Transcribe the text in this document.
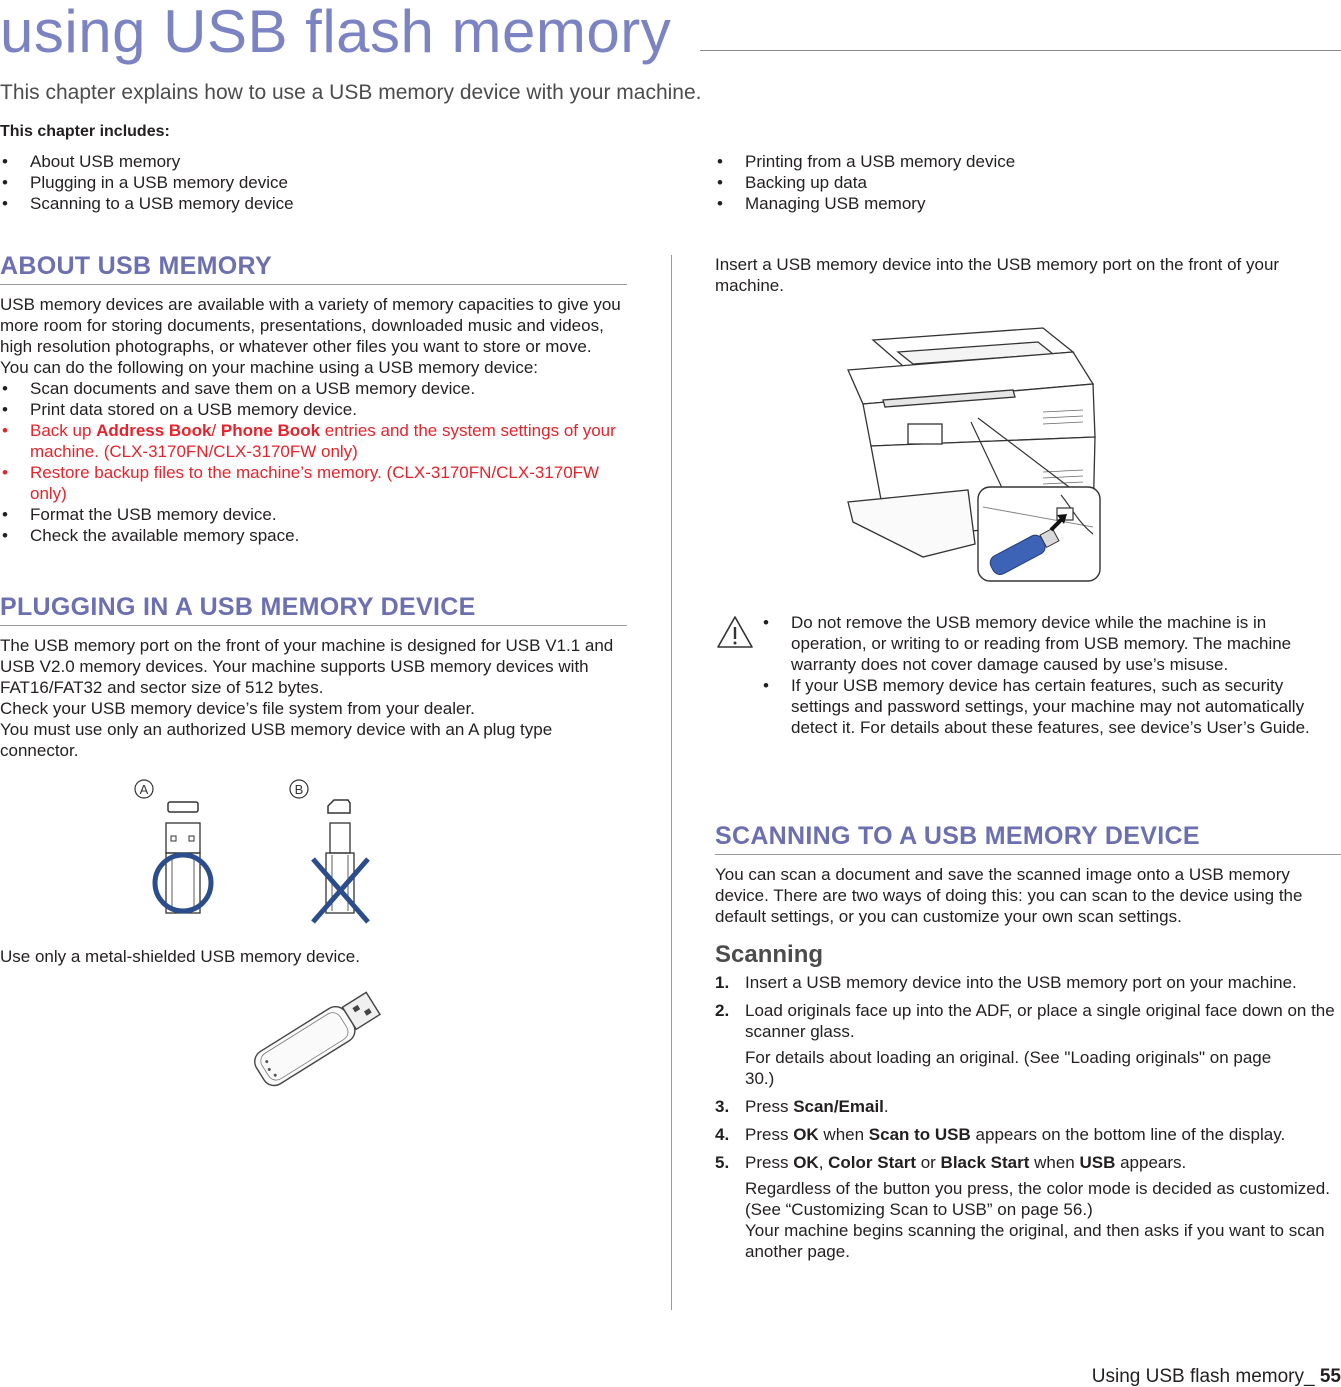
using USB flash memory
This chapter explains how to use a USB memory device with your machine.
This chapter includes:
• About USB memory
• Plugging in a USB memory device
• Scanning to a USB memory device
• Printing from a USB memory device
• Backing up data
• Managing USB memory
ABOUT USB MEMORY

USB memory devices are available with a variety of memory capacities to give you more room for storing documents, presentations, downloaded music and videos, high resolution photographs, or whatever other files you want to store or move.

You can do the following on your machine using a USB memory device:

• Scan documents and save them on a USB memory device.
• Print data stored on a USB memory device.
• Back up Address Book/ Phone Book entries and the system settings of your machine. (CLX-3170FN/CLX-3170FW only)
• Restore backup files to the machine’s memory. (CLX-3170FN/CLX-3170FW only)
• Format the USB memory device.
• Check the available memory space.
PLUGGING IN A USB MEMORY DEVICE

The USB memory port on the front of your machine is designed for USB V1.1 and USB V2.0 memory devices. Your machine supports USB memory devices with FAT16/FAT32 and sector size of 512 bytes.

Check your USB memory device’s file system from your dealer.

You must use only an authorized USB memory device with an A plug type connector.

A	B

Use only a metal-shielded USB memory device.

Insert a USB memory device into the USB memory port on the front of your machine.

• Do not remove the USB memory device while the machine is in operation, or writing to or reading from USB memory. The machine warranty does not cover damage caused by use’s misuse.
• If your USB memory device has certain features, such as security settings and password settings, your machine may not automatically detect it. For details about these features, see device’s User’s Guide.
SCANNING TO A USB MEMORY DEVICE

You can scan a document and save the scanned image onto a USB memory device. There are two ways of doing this: you can scan to the device using the default settings, or you can customize your own scan settings.

Scanning
1. Insert a USB memory device into the USB memory port on your machine.
2. Load originals face up into the ADF, or place a single original face down on the scanner glass.

For details about loading an original. (See "Loading originals" on page 30.)

3. Press Scan/Email.
4. Press OK when Scan to USB appears on the bottom line of the display.
5. Press OK, Color Start or Black Start when USB appears.

Regardless of the button you press, the color mode is decided as customized. (See “Customizing Scan to USB” on page 56.)

Your machine begins scanning the original, and then asks if you want to scan another page.

Using USB flash memory_ 55
